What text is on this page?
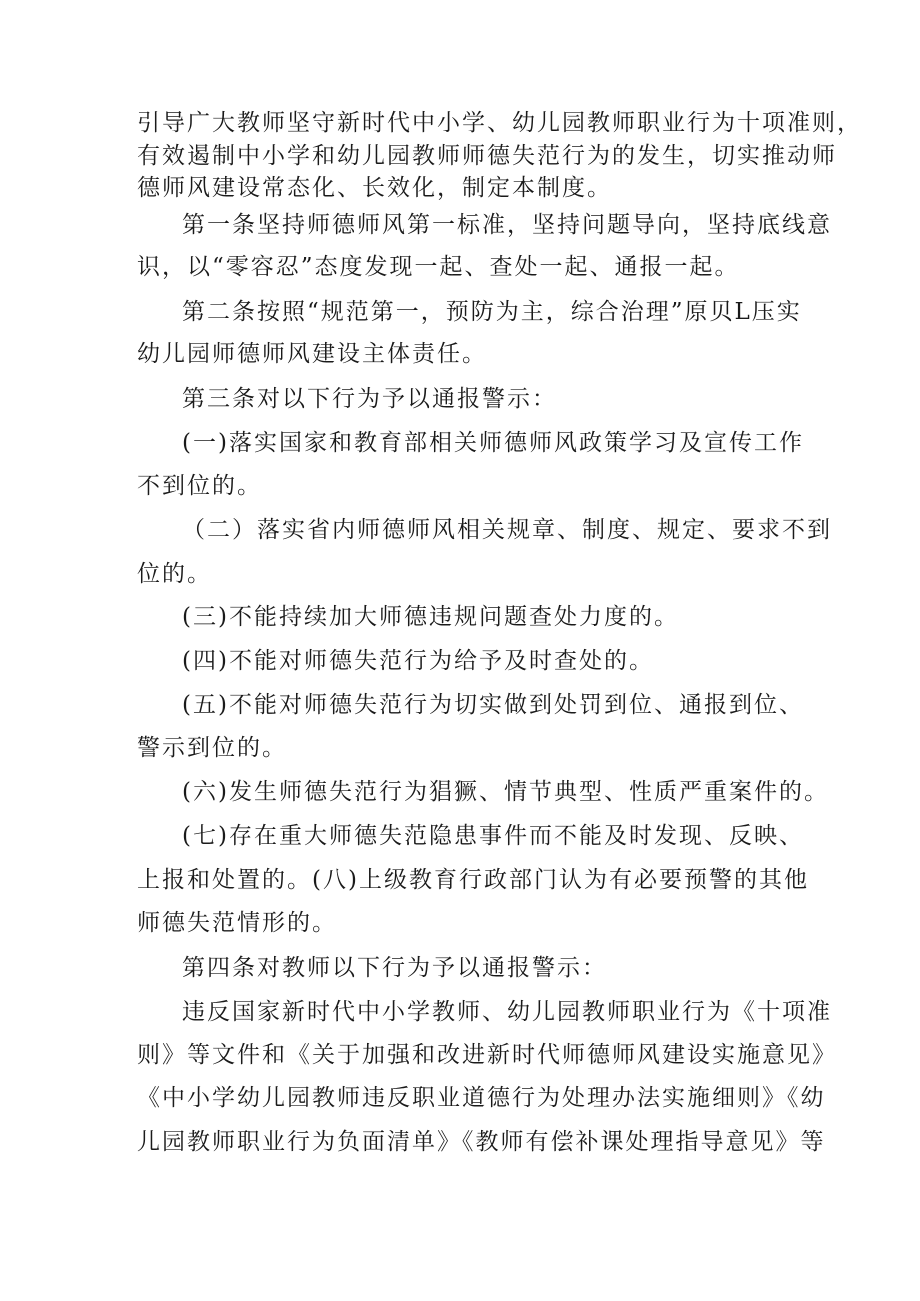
引导广大教师坚守新时代中小学、幼儿园教师职业行为十项准则，

有效遏制中小学和幼儿园教师师德失范行为的发生，切实推动师

德师风建设常态化、长效化，制定本制度。

第一条坚持师德师风第一标准，坚持问题导向，坚持底线意

识，以“零容忍”态度发现一起、查处一起、通报一起。

第二条按照“规范第一，预防为主，综合治理”原贝L压实

幼儿园师德师风建设主体责任。

第三条对以下行为予以通报警示：

(一)落实国家和教育部相关师德师风政策学习及宣传工作

不到位的。

（二）落实省内师德师风相关规章、制度、规定、要求不到

位的。

(三)不能持续加大师德违规问题查处力度的。

(四)不能对师德失范行为给予及时查处的。

(五)不能对师德失范行为切实做到处罚到位、通报到位、

警示到位的。

(六)发生师德失范行为猖獗、情节典型、性质严重案件的。

(七)存在重大师德失范隐患事件而不能及时发现、反映、

上报和处置的。(八)上级教育行政部门认为有必要预警的其他

师德失范情形的。

第四条对教师以下行为予以通报警示：

违反国家新时代中小学教师、幼儿园教师职业行为《十项准

则》等文件和《关于加强和改进新时代师德师风建设实施意见》

《中小学幼儿园教师违反职业道德行为处理办法实施细则》《幼

儿园教师职业行为负面清单》《教师有偿补课处理指导意见》等
